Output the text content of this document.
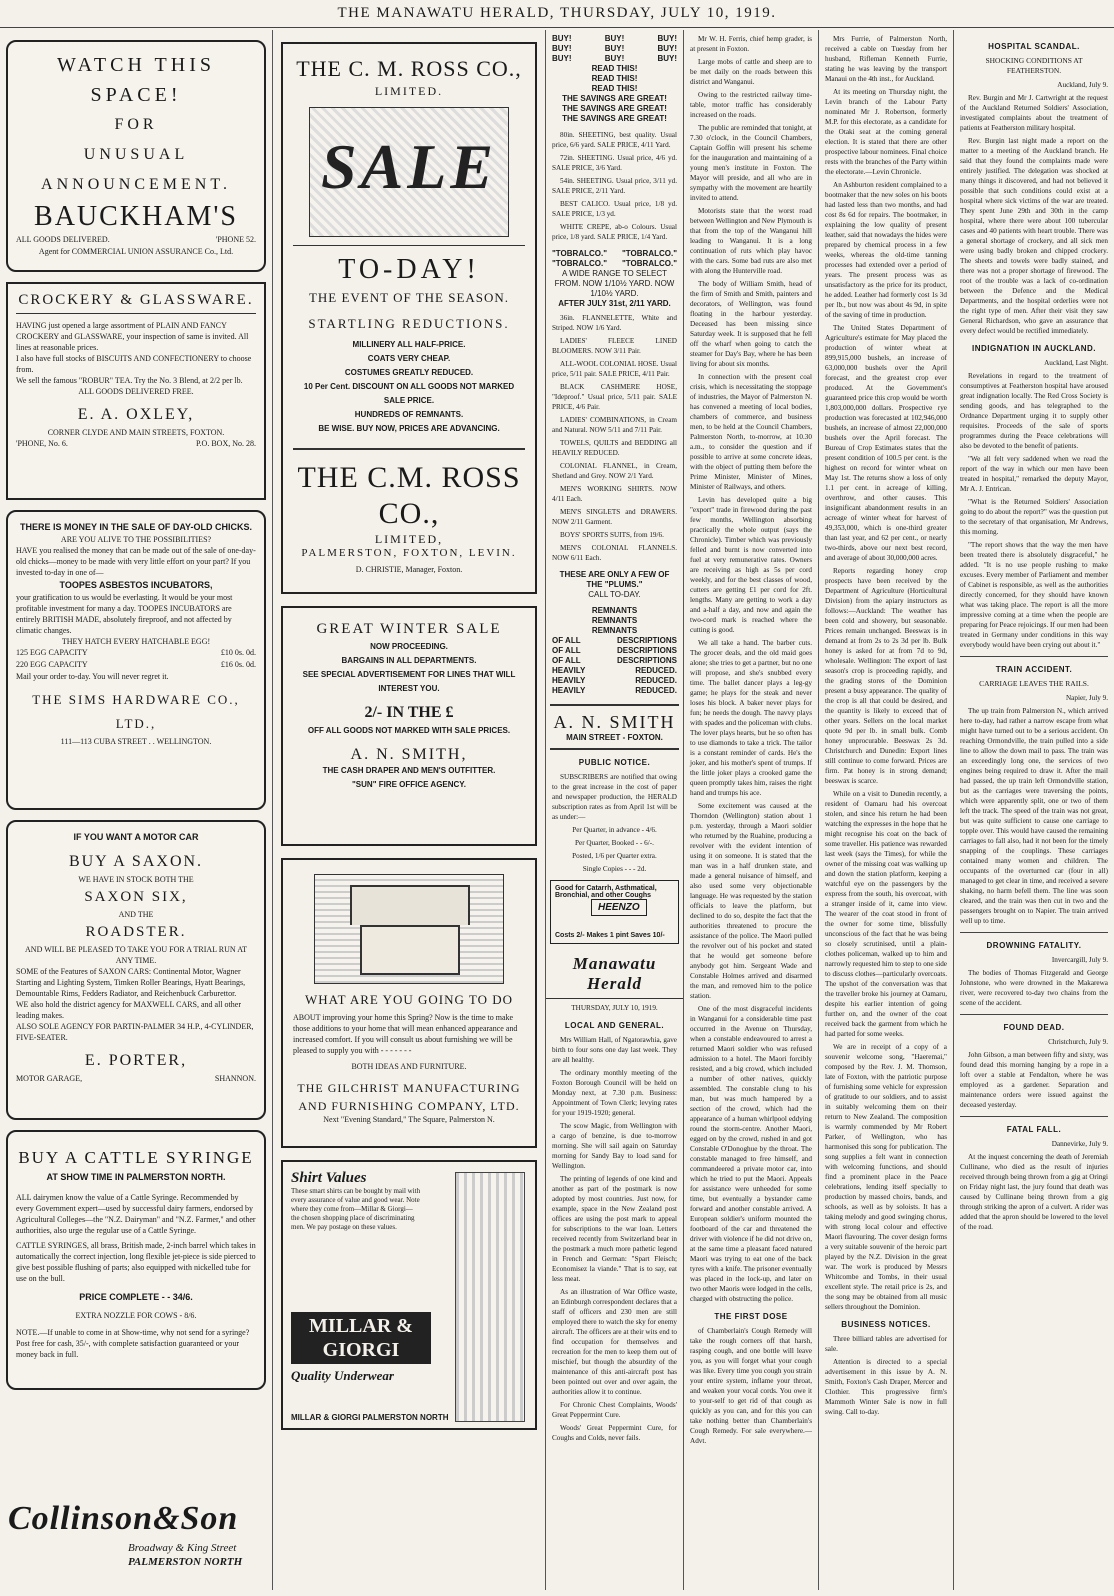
THE MANAWATU HERALD, THURSDAY, JULY 10, 1919.
WATCH THIS
SPACE!
FOR
UNUSUAL
ANNOUNCEMENT.
BAUCKHAM'S
ALL GOODS DELIVERED.	'PHONE 52.
Agent for COMMERCIAL UNION ASSURANCE Co., Ltd.
CROCKERY & GLASSWARE.
HAVING just opened a large assortment of PLAIN AND FANCY CROCKERY and GLASSWARE, your inspection of same is invited. All lines at reasonable prices.
I also have full stocks of BISCUITS AND CONFECTIONERY to choose from.
We sell the famous "ROBUR" TEA. Try the No. 3 Blend, at 2/2 per lb.
ALL GOODS DELIVERED FREE.
E. A. OXLEY,
CORNER CLYDE AND MAIN STREETS, FOXTON.
'PHONE, No. 6.	P.O. BOX, No. 28.
THERE IS MONEY IN THE SALE OF DAY-OLD CHICKS.
ARE YOU ALIVE TO THE POSSIBILITIES?
HAVE you realised the money that can be made out of the sale of one-day-old chicks—money to be made with very little effort on your part? If you invested to-day in one of—
TOOPES ASBESTOS INCUBATORS,
your gratification to us would be everlasting. It would be your most profitable investment for many a day. TOOPES INCUBATORS are entirely BRITISH MADE, absolutely fireproof, and not affected by climatic changes.
THEY HATCH EVERY HATCHABLE EGG!
125 EGG CAPACITY	£10 0s. 0d.
220 EGG CAPACITY	£16 0s. 0d.
Mail your order to-day. You will never regret it.
THE SIMS HARDWARE CO., LTD.,
111—113 CUBA STREET . . WELLINGTON.
IF YOU WANT A MOTOR CAR
BUY A SAXON.
WE HAVE IN STOCK BOTH THE
SAXON SIX,
AND THE
ROADSTER.
AND WILL BE PLEASED TO TAKE YOU FOR A TRIAL RUN AT ANY TIME.
SOME of the Features of SAXON CARS: Continental Motor, Wagner Starting and Lighting System, Timken Roller Bearings, Hyatt Bearings, Demountable Rims, Fedders Radiator, and Reichenbuck Carburettor.
WE also hold the district agency for MAXWELL CARS, and all other leading makes.
ALSO SOLE AGENCY FOR PARTIN-PALMER 34 H.P., 4-CYLINDER, FIVE-SEATER.
E. PORTER,
MOTOR GARAGE,	SHANNON.
BUY A CATTLE SYRINGE
AT SHOW TIME IN PALMERSTON NORTH.
ALL dairymen know the value of a Cattle Syringe. Recommended by every Government expert—used by successful dairy farmers, endorsed by Agricultural Colleges—the "N.Z. Dairyman" and "N.Z. Farmer," and other authorities, also urge the regular use of a Cattle Syringe.
CATTLE SYRINGES, all brass, British made, 2-inch barrel which takes in automatically the correct injection, long flexible jet-piece is side pierced to give best possible flushing of parts; also equipped with nickelled tube for use on the bull.
PRICE COMPLETE - - 34/6.
EXTRA NOZZLE FOR COWS - 8/6.
NOTE.—If unable to come in at Show-time, why not send for a syringe? Post free for cash, 35/-, with complete satisfaction guaranteed or your money back in full.
Collinson&Son
Broadway & King Street
PALMERSTON NORTH
THE C. M. ROSS CO.,
LIMITED.
SALE
TO-DAY!
THE EVENT OF THE SEASON.
STARTLING REDUCTIONS.
MILLINERY ALL HALF-PRICE.
COATS VERY CHEAP.
COSTUMES GREATLY REDUCED.
10 Per Cent. DISCOUNT ON ALL GOODS NOT MARKED SALE PRICE.
HUNDREDS OF REMNANTS.
BE WISE. BUY NOW, PRICES ARE ADVANCING.
THE C.M. ROSS CO.,
LIMITED,
PALMERSTON, FOXTON, LEVIN.
D. CHRISTIE, Manager, Foxton.
GREAT WINTER SALE
NOW PROCEEDING.
BARGAINS IN ALL DEPARTMENTS.
SEE SPECIAL ADVERTISEMENT FOR LINES THAT WILL INTEREST YOU.
2/- IN THE £
OFF ALL GOODS NOT MARKED WITH SALE PRICES.
A. N. SMITH,
THE CASH DRAPER AND MEN'S OUTFITTER.
"SUN" FIRE OFFICE AGENCY.
WHAT ARE YOU GOING TO DO
ABOUT improving your home this Spring? Now is the time to make those additions to your home that will mean enhanced appearance and increased comfort. If you will consult us about furnishing we will be pleased to supply you with - - - - - - -
BOTH IDEAS AND FURNITURE.
THE GILCHRIST MANUFACTURING AND FURNISHING COMPANY, LTD.
Next "Evening Standard," The Square, Palmerston N.
Shirt Values
These smart shirts can be bought by mail with every assurance of value and good wear. Note where they come from—Millar & Giorgi—the chosen shopping place of discriminating men. We pay postage on these values.
MILLAR & GIORGI
Quality Underwear
MILLAR & GIORGI PALMERSTON NORTH
BUY!	BUY!	BUY!
BUY!	BUY!	BUY!
BUY!	BUY!	BUY!
READ THIS!
READ THIS!
READ THIS!
THE SAVINGS ARE GREAT!
THE SAVINGS ARE GREAT!
THE SAVINGS ARE GREAT!

80in. SHEETING, best quality. Usual price, 6/6 yard. SALE PRICE, 4/11 Yard.

72in. SHEETING. Usual price, 4/6 yd. SALE PRICE, 3/6 Yard.

54in. SHEETING. Usual price, 3/11 yd. SALE PRICE, 2/11 Yard.

BEST CALICO. Usual price, 1/8 yd. SALE PRICE, 1/3 yd.

WHITE CREPE, ab-o Colours. Usual price, 1/8 yard. SALE PRICE, 1/4 Yard.

"TOBRALCO." "TOBRALCO."
"TOBRALCO." "TOBRALCO."
A WIDE RANGE TO SELECT FROM. NOW 1/10½ YARD. NOW 1/10½ YARD.
AFTER JULY 31st, 2/11 YARD.

36in. FLANNELETTE, White and Striped. NOW 1/6 Yard.

LADIES' FLEECE LINED BLOOMERS. NOW 3/11 Pair.

ALL-WOOL COLONIAL HOSE. Usual price, 5/11 pair. SALE PRICE, 4/11 Pair.

BLACK CASHMERE HOSE, "Ideproof." Usual price, 5/11 pair. SALE PRICE, 4/6 Pair.

LADIES' COMBINATIONS, in Cream and Natural. NOW 5/11 and 7/11 Pair.

TOWELS, QUILTS and BEDDING all HEAVILY REDUCED.

COLONIAL FLANNEL, in Cream, Shetland and Grey. NOW 2/1 Yard.

MEN'S WORKING SHIRTS. NOW 4/11 Each.

MEN'S SINGLETS and DRAWERS. NOW 2/11 Garment.

BOYS' SPORTS SUITS, from 19/6.

MEN'S COLONIAL FLANNELS. NOW 6/11 Each.

THESE ARE ONLY A FEW OF THE "PLUMS."
CALL TO-DAY.
REMNANTS
REMNANTS
REMNANTS
OF ALL	DESCRIPTIONS
OF ALL	DESCRIPTIONS
OF ALL	DESCRIPTIONS
HEAVILY	REDUCED.
HEAVILY	REDUCED.
HEAVILY	REDUCED.
A. N. SMITH
MAIN STREET - FOXTON.

PUBLIC NOTICE.

SUBSCRIBERS are notified that owing to the great increase in the cost of paper and newspaper production, the HERALD subscription rates as from April 1st will be as under:—

Per Quarter, in advance - 4/6.

Per Quarter, Booked - - 6/-.

Posted, 1/6 per Quarter extra.

Single Copies - - - 2d.

Good for Catarrh, Asthmatical, Bronchial, and other Coughs
HEENZO
Costs 2/- Makes 1 pint Saves 10/-
Manawatu Herald

THURSDAY, JULY 10, 1919.

LOCAL AND GENERAL.

Mrs William Hall, of Ngatorawhia, gave birth to four sons one day last week. They are all healthy.

The ordinary monthly meeting of the Foxton Borough Council will be held on Monday next, at 7.30 p.m. Business: Appointment of Town Clerk; levying rates for your 1919-1920; general.

The scow Magic, from Wellington with a cargo of benzine, is due to-morrow morning. She will sail again on Saturday morning for Sandy Bay to load sand for Wellington.

The printing of legends of one kind and another as part of the postmark is now adopted by most countries. Just now, for example, space in the New Zealand post offices are using the post mark to appeal for subscriptions to the war loan. Letters received recently from Switzerland bear in the postmark a much more pathetic legend in French and German: "Spart Fleisch; Economisez la viande." That is to say, eat less meat.

As an illustration of War Office waste, an Edinburgh correspondent declares that a staff of officers and 230 men are still employed there to watch the sky for enemy aircraft. The officers are at their wits end to find occupation for themselves and recreation for the men to keep them out of mischief, but though the absurdity of the maintenance of this anti-aircraft post has been pointed out over and over again, the authorities allow it to continue.

For Chronic Chest Complaints, Woods' Great Peppermint Cure.

Woods' Great Peppermint Cure, for Coughs and Colds, never fails.

Mr W. H. Ferris, chief hemp grader, is at present in Foxton.

Large mobs of cattle and sheep are to be met daily on the roads between this district and Wanganui.

Owing to the restricted railway time-table, motor traffic has considerably increased on the roads.

The public are reminded that tonight, at 7.30 o'clock, in the Council Chambers, Captain Goffin will present his scheme for the inauguration and maintaining of a young men's institute in Foxton. The Mayor will preside, and all who are in sympathy with the movement are heartily invited to attend.

Motorists state that the worst road between Wellington and New Plymouth is that from the top of the Wanganui hill leading to Wanganui. It is a long continuation of ruts which play havoc with the cars. Some bad ruts are also met with along the Hunterville road.

The body of William Smith, head of the firm of Smith and Smith, painters and decorators, of Wellington, was found floating in the harbour yesterday. Deceased has been missing since Saturday week. It is supposed that he fell off the wharf when going to catch the steamer for Day's Bay, where he has been living for about six months.

In connection with the present coal crisis, which is necessitating the stoppage of industries, the Mayor of Palmerston N. has convened a meeting of local bodies, chambers of commerce, and business men, to be held at the Council Chambers, Palmerston North, to-morrow, at 10.30 a.m., to consider the question and if possible to arrive at some concrete ideas, with the object of putting them before the Prime Minister, Minister of Mines, Minister of Railways, and others.

Levin has developed quite a big "export" trade in firewood during the past few months, Wellington absorbing practically the whole output (says the Chronicle). Timber which was previously felled and burnt is now converted into fuel at very remunerative rates. Owners are receiving as high as 5s per cord weekly, and for the best classes of wood, cutters are getting £1 per cord for 2ft. lengths. Many are getting to work a day and a-half a day, and now and again the two-cord mark is reached where the cutting is good.

We all take a hand. The barber cuts. The grocer deals, and the old maid goes alone; she tries to get a partner, but no one will propose, and she's snubbed every time. The ballet dancer plays a leg-gy game; he plays for the steak and never loses his block. A baker never plays for fun; he needs the dough. The navvy plays with spades and the policeman with clubs. The lover plays hearts, but he so often has to use diamonds to take a trick. The tailor is a constant reminder of cards. He's the joker, and his mother's spent of trumps. If the little joker plays a crooked game the queen promptly takes him, raises the right hand and trumps his ace.

Some excitement was caused at the Thorndon (Wellington) station about 1 p.m. yesterday, through a Maori soldier who returned by the Ruahine, producing a revolver with the evident intention of using it on someone. It is stated that the man was in a half drunken state, and made a general nuisance of himself, and also used some very objectionable language. He was requested by the station officials to leave the platform, but declined to do so, despite the fact that the authorities threatened to procure the assistance of the police. The Maori pulled the revolver out of his pocket and stated that he would get someone before anybody got him. Sergeant Wade and Constable Holmes arrived and disarmed the man, and removed him to the police station.

One of the most disgraceful incidents in Wanganui for a considerable time past occurred in the Avenue on Thursday, when a constable endeavoured to arrest a returned Maori soldier who was refused admission to a hotel. The Maori forcibly resisted, and a big crowd, which included a number of other natives, quickly assembled. The constable clung to his man, but was much hampered by a section of the crowd, which had the appearance of a human whirlpool eddying round the storm-centre. Another Maori, egged on by the crowd, rushed in and got Constable O'Donoghue by the throat. The constable managed to free himself, and commandeered a private motor car, into which he tried to put the Maori. Appeals for assistance were unheeded for some time, but eventually a bystander came forward and another constable arrived. A European soldier's uniform mounted the footboard of the car and threatened the driver with violence if he did not drive on, at the same time a pleasant faced natured Maori was trying to eat one of the back tyres with a knife. The prisoner eventually was placed in the lock-up, and later on two other Maoris were lodged in the cells, charged with obstructing the police.

THE FIRST DOSE

of Chamberlain's Cough Remedy will take the rough corners off that harsh, rasping cough, and one bottle will leave you, as you will forget what your cough was like. Every time you cough you strain your entire system, inflame your throat, and weaken your vocal cords. You owe it to your-self to get rid of that cough as quickly as you can, and for this you can take nothing better than Chamberlain's Cough Remedy. For sale everywhere.—Advt.

Mrs Furrie, of Palmerston North, received a cable on Tuesday from her husband, Rifleman Kenneth Furrie, stating he was leaving by the transport Manaui on the 4th inst., for Auckland.

At its meeting on Thursday night, the Levin branch of the Labour Party nominated Mr J. Robertson, formerly M.P. for this electorate, as a candidate for the Otaki seat at the coming general election. It is stated that there are other prospective labour nominees. Final choice rests with the branches of the Party within the electorate.—Levin Chronicle.

An Ashburton resident complained to a bootmaker that the new soles on his boots had lasted less than two months, and had cost 8s 6d for repairs. The bootmaker, in explaining the low quality of present leather, said that nowadays the hides were prepared by chemical process in a few weeks, whereas the old-time tanning processes had extended over a period of years. The present process was as unsatisfactory as the price for its product, he added. Leather had formerly cost 1s 3d per lb., but now was about 4s 9d, in spite of the saving of time in production.

The United States Department of Agriculture's estimate for May placed the production of winter wheat at 899,915,000 bushels, an increase of 63,000,000 bushels over the April forecast, and the greatest crop ever produced. At the Government's guaranteed price this crop would be worth 1,803,000,000 dollars. Prospective rye production was forecasted at 102,946,000 bushels, an increase of almost 22,000,000 bushels over the April forecast. The Bureau of Crop Estimates states that the present condition of 100.5 per cent. is the highest on record for winter wheat on May 1st. The returns show a loss of only 1.1 per cent. in acreage of killing, overthrow, and other causes. This insignificant abandonment results in an acreage of winter wheat for harvest of 49,353,000, which is one-third greater than last year, and 62 per cent., or nearly two-thirds, above our next best record, and average of about 30,000,000 acres.

Reports regarding honey crop prospects have been received by the Department of Agriculture (Horticultural Division) from the apiary instructors as follows:—Auckland: The weather has been cold and showery, but seasonable. Prices remain unchanged. Beeswax is in demand at from 2s to 2s 3d per lb. Bulk honey is asked for at from 7d to 9d, wholesale. Wellington: The export of last season's crop is proceeding rapidly, and the grading stores of the Dominion present a busy appearance. The quality of the crop is all that could be desired, and the quantity is likely to exceed that of other years. Sellers on the local market quote 9d per lb. in small bulk. Comb honey unprocurable. Beeswax 2s 3d. Christchurch and Dunedin: Export lines still continue to come forward. Prices are firm. Pat honey is in strong demand; beeswax is scarce.

While on a visit to Dunedin recently, a resident of Oamaru had his overcoat stolen, and since his return he had been watching the expresses in the hope that he might recognise his coat on the back of some traveller. His patience was rewarded last week (says the Times), for while the owner of the missing coat was walking up and down the station platform, keeping a watchful eye on the passengers by the express from the south, his overcoat, with a stranger inside of it, came into view. The wearer of the coat stood in front of the owner for some time, blissfully unconscious of the fact that he was being so closely scrutinised, until a plain-clothes policeman, walked up to him and narrowly requested him to step to one side to discuss clothes—particularly overcoats. The upshot of the conversation was that the traveller broke his journey at Oamaru, despite his earlier intention of going further on, and the owner of the coat received back the garment from which he had parted for some weeks.

We are in receipt of a copy of a souvenir welcome song, "Haeremai," composed by the Rev. J. M. Thomson, late of Foxton, with the patriotic purpose of furnishing some vehicle for expression of gratitude to our soldiers, and to assist in suitably welcoming them on their return to New Zealand. The composition is warmly commended by Mr Robert Parker, of Wellington, who has harmonised this song for publication. The song supplies a felt want in connection with welcoming functions, and should find a prominent place in the Peace celebrations, lending itself specially to production by massed choirs, bands, and schools, as well as by soloists. It has a taking melody and good swinging chorus, with strong local colour and effective Maori flavouring. The cover design forms a very suitable souvenir of the heroic part played by the N.Z. Division in the great war. The work is produced by Messrs Whitcombe and Tombs, in their usual excellent style. The retail price is 2s, and the song may be obtained from all music sellers throughout the Dominion.

BUSINESS NOTICES.

Three billiard tables are advertised for sale.

Attention is directed to a special advertisement in this issue by A. N. Smith, Foxton's Cash Draper, Mercer and Clothier. This progressive firm's Mammoth Winter Sale is now in full swing. Call to-day.

HOSPITAL SCANDAL.

SHOCKING CONDITIONS AT FEATHERSTON.

Auckland, July 9.

Rev. Burgin and Mr J. Cartwright at the request of the Auckland Returned Soldiers' Association, investigated complaints about the treatment of patients at Featherston military hospital.

Rev. Burgin last night made a report on the matter to a meeting of the Auckland branch. He said that they found the complaints made were entirely justified. The delegation was shocked at many things it discovered, and had not believed it possible that such conditions could exist at a hospital where sick victims of the war are treated. They spent June 29th and 30th in the camp hospital, where there were about 100 tubercular cases and 40 patients with heart trouble. There was a general shortage of crockery, and all sick men were using badly broken and chipped crockery. The sheets and towels were badly stained, and there was not a proper shortage of firewood. The root of the trouble was a lack of co-ordination between the Defence and the Medical Departments, and the hospital orderlies were not the right type of men. After their visit they saw General Richardson, who gave an assurance that every defect would be rectified immediately.

INDIGNATION IN AUCKLAND.

Auckland, Last Night.

Revelations in regard to the treatment of consumptives at Featherston hospital have aroused great indignation locally. The Red Cross Society is sending goods, and has telegraphed to the Ordnance Department urging it to supply other requisites. Proceeds of the sale of sports programmes during the Peace celebrations will also be devoted to the benefit of patients.

"We all felt very saddened when we read the report of the way in which our men have been treated in hospital," remarked the deputy Mayor, Mr A. J. Entrican.

"What is the Returned Soldiers' Association going to do about the report?" was the question put to the secretary of that organisation, Mr Andrews, this morning.

"The report shows that the way the men have been treated there is absolutely disgraceful," he added. "It is no use people rushing to make excuses. Every member of Parliament and member of Cabinet is responsible, as well as the authorities directly concerned, for they should have known what was taking place. The report is all the more impressive coming at a time when the people are preparing for Peace rejoicings. If our men had been treated in Germany under conditions in this way everybody would have been crying out about it."

TRAIN ACCIDENT.

CARRIAGE LEAVES THE RAILS.

Napier, July 9.

The up train from Palmerston N., which arrived here to-day, had rather a narrow escape from what might have turned out to be a serious accident. On reaching Ormondville, the train pulled into a side line to allow the down mail to pass. The train was an exceedingly long one, the services of two engines being required to draw it. After the mail had passed, the up train left Ormondville station, but as the carriages were traversing the points, which were apparently split, one or two of them left the track. The speed of the train was not great, but was quite sufficient to cause one carriage to topple over. This would have caused the remaining carriages to fall also, had it not been for the timely snapping of the couplings. These carriages contained many women and children. The occupants of the overturned car (four in all) managed to get clear in time, and received a severe shaking, no harm befell them. The line was soon cleared, and the train was then cut in two and the passengers brought on to Napier. The train arrived well up to time.

DROWNING FATALITY.

Invercargill, July 9.

The bodies of Thomas Fitzgerald and George Johnstone, who were drowned in the Makarewa river, were recovered to-day two chains from the scene of the accident.

FOUND DEAD.

Christchurch, July 9.

John Gibson, a man between fifty and sixty, was found dead this morning hanging by a rope in a loft over a stable at Fendalton, where he was employed as a gardener. Separation and maintenance orders were issued against the deceased yesterday.

FATAL FALL.

Dannevirke, July 9.

At the inquest concerning the death of Jeremiah Cullinane, who died as the result of injuries received through being thrown from a gig at Oringi on Friday night last, the jury found that death was caused by Cullinane being thrown from a gig through striking the apron of a culvert. A rider was added that the apron should be lowered to the level of the road.
